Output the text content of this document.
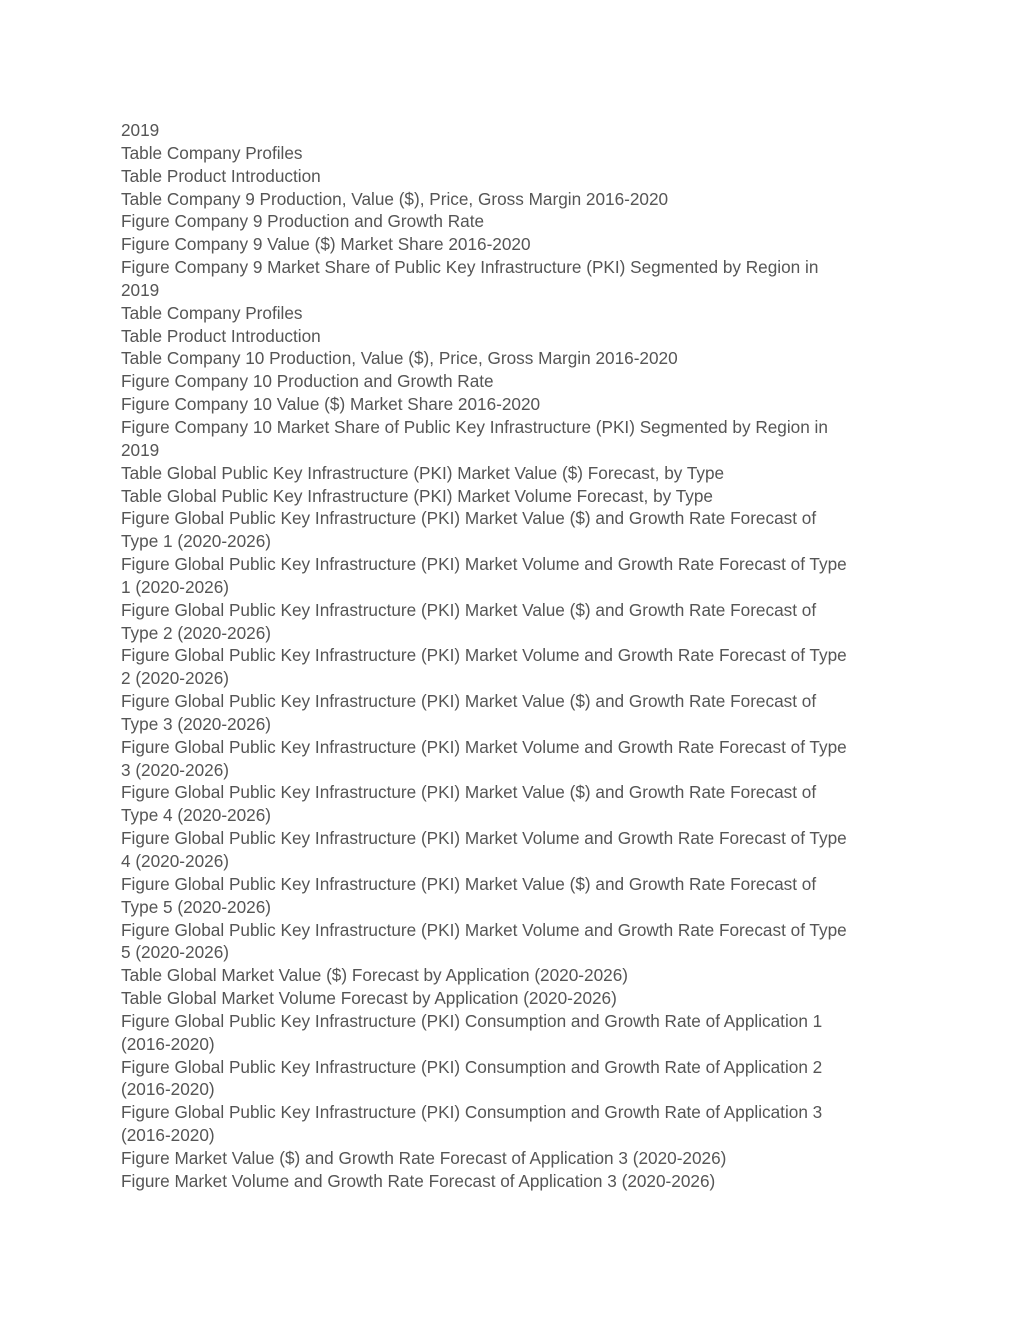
2019

Table Company Profiles

Table Product Introduction

Table Company 9 Production, Value ($), Price, Gross Margin 2016-2020

Figure Company 9 Production and Growth Rate

Figure Company 9 Value ($) Market Share 2016-2020

Figure Company 9 Market Share of Public Key Infrastructure (PKI) Segmented by Region in

2019

Table Company Profiles

Table Product Introduction

Table Company 10 Production, Value ($), Price, Gross Margin 2016-2020

Figure Company 10 Production and Growth Rate

Figure Company 10 Value ($) Market Share 2016-2020

Figure Company 10 Market Share of Public Key Infrastructure (PKI) Segmented by Region in

2019

Table Global Public Key Infrastructure (PKI) Market Value ($) Forecast, by Type

Table Global Public Key Infrastructure (PKI) Market Volume Forecast, by Type

Figure Global Public Key Infrastructure (PKI) Market Value ($) and Growth Rate Forecast of

Type 1 (2020-2026)

Figure Global Public Key Infrastructure (PKI) Market Volume and Growth Rate Forecast of Type

1 (2020-2026)

Figure Global Public Key Infrastructure (PKI) Market Value ($) and Growth Rate Forecast of

Type 2 (2020-2026)

Figure Global Public Key Infrastructure (PKI) Market Volume and Growth Rate Forecast of Type

2 (2020-2026)

Figure Global Public Key Infrastructure (PKI) Market Value ($) and Growth Rate Forecast of

Type 3 (2020-2026)

Figure Global Public Key Infrastructure (PKI) Market Volume and Growth Rate Forecast of Type

3 (2020-2026)

Figure Global Public Key Infrastructure (PKI) Market Value ($) and Growth Rate Forecast of

Type 4 (2020-2026)

Figure Global Public Key Infrastructure (PKI) Market Volume and Growth Rate Forecast of Type

4 (2020-2026)

Figure Global Public Key Infrastructure (PKI) Market Value ($) and Growth Rate Forecast of

Type 5 (2020-2026)

Figure Global Public Key Infrastructure (PKI) Market Volume and Growth Rate Forecast of Type

5 (2020-2026)

Table Global Market Value ($) Forecast by Application (2020-2026)

Table Global Market Volume Forecast by Application (2020-2026)

Figure Global Public Key Infrastructure (PKI) Consumption and Growth Rate of Application 1

(2016-2020)

Figure Global Public Key Infrastructure (PKI) Consumption and Growth Rate of Application 2

(2016-2020)

Figure Global Public Key Infrastructure (PKI) Consumption and Growth Rate of Application 3

(2016-2020)

Figure Market Value ($) and Growth Rate Forecast of Application 3 (2020-2026)

Figure Market Volume and Growth Rate Forecast of Application 3 (2020-2026)
